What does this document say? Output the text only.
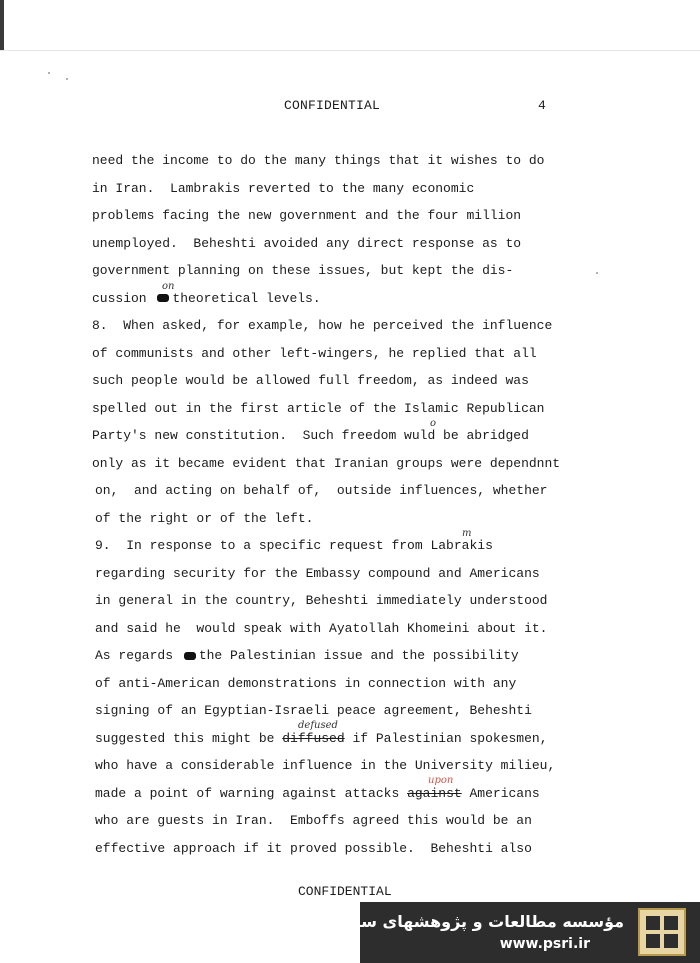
CONFIDENTIAL	4
need the income to do the many things that it wishes to do
in Iran.  Lambrakis reverted to the many economic
problems facing the new government and the four million
unemployed.  Beheshti avoided any direct response as to
government planning on these issues, but kept the dis-
cussion theoretical levels.
on
8.  When asked, for example, how he perceived the influence
of communists and other left-wingers, he replied that all
such people would be allowed full freedom, as indeed was
spelled out in the first article of the Islamic Republican
Party's new constitution.  Such freedom wuld be abridged
o
only as it became evident that Iranian groups were dependnnt
on,  and acting on behalf of,  outside influences, whether
of the right or of the left.
9.  In response to a specific request from Labrakis
m
regarding security for the Embassy compound and Americans
in general in the country, Beheshti immediately understood
and said he  would speak with Ayatollah Khomeini about it.
As regards the Palestinian issue and the possibility
of anti-American demonstrations in connection with any
signing of an Egyptian-Israeli peace agreement, Beheshti
suggested this might be diffused if Palestinian spokesmen,
defused
who have a considerable influence in the University milieu,
made a point of warning against attacks against Americans
upon
who are guests in Iran.  Emboffs agreed this would be an
effective approach if it proved possible.  Beheshti also
CONFIDENTIAL
مؤسسه مطالعات و پژوهشهای سیاسی
www.psri.ir
